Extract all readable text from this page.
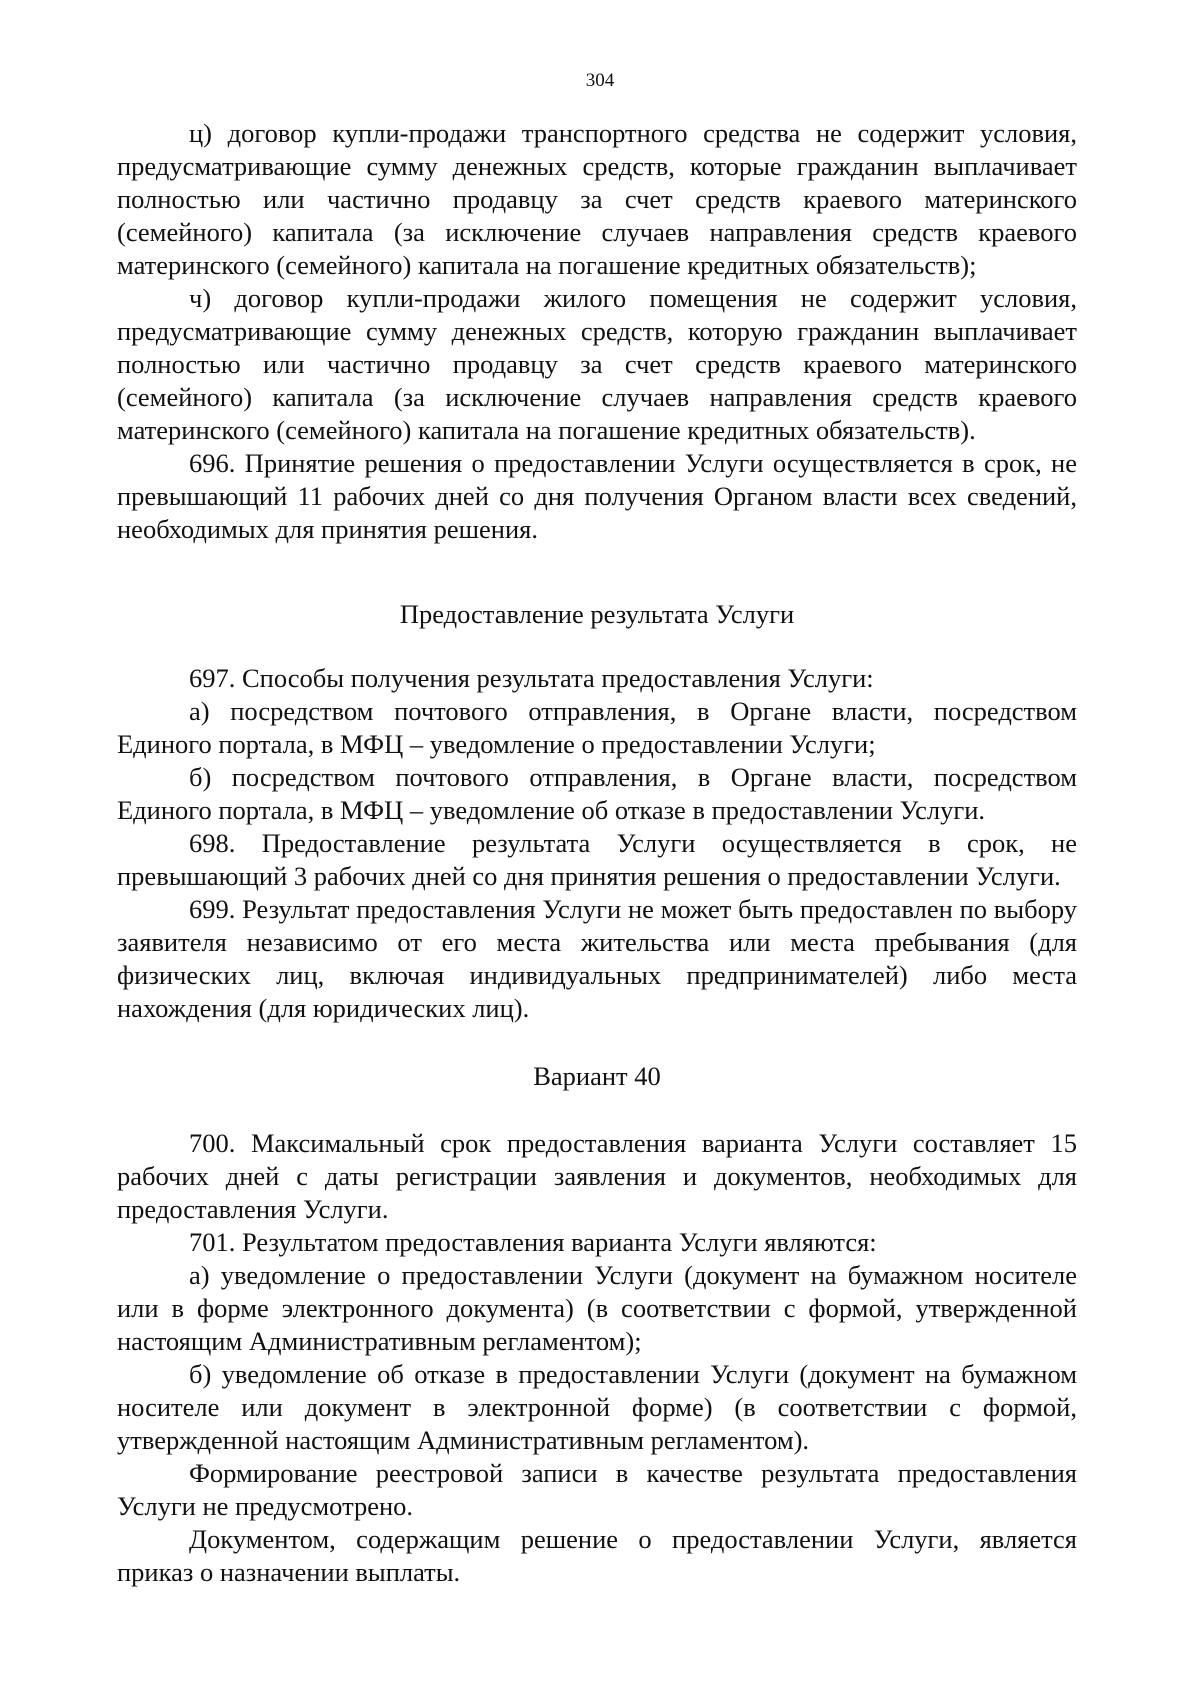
304

ц) договор купли-продажи транспортного средства не содержит условия, предусматривающие сумму денежных средств, которые гражданин выплачивает полностью или частично продавцу за счет средств краевого материнского (семейного) капитала (за исключение случаев направления средств краевого материнского (семейного) капитала на погашение кредитных обязательств);

ч) договор купли-продажи жилого помещения не содержит условия, предусматривающие сумму денежных средств, которую гражданин выплачивает полностью или частично продавцу за счет средств краевого материнского (семейного) капитала (за исключение случаев направления средств краевого материнского (семейного) капитала на погашение кредитных обязательств).

696. Принятие решения о предоставлении Услуги осуществляется в срок, не превышающий 11 рабочих дней со дня получения Органом власти всех сведений, необходимых для принятия решения.

Предоставление результата Услуги

697. Способы получения результата предоставления Услуги:

а) посредством почтового отправления, в Органе власти, посредством Единого портала, в МФЦ – уведомление о предоставлении Услуги;

б) посредством почтового отправления, в Органе власти, посредством Единого портала, в МФЦ – уведомление об отказе в предоставлении Услуги.

698. Предоставление результата Услуги осуществляется в срок, не превышающий 3 рабочих дней со дня принятия решения о предоставлении Услуги.

699. Результат предоставления Услуги не может быть предоставлен по выбору заявителя независимо от его места жительства или места пребывания (для физических лиц, включая индивидуальных предпринимателей) либо места нахождения (для юридических лиц).

Вариант 40

700. Максимальный срок предоставления варианта Услуги составляет 15 рабочих дней с даты регистрации заявления и документов, необходимых для предоставления Услуги.

701. Результатом предоставления варианта Услуги являются:

а) уведомление о предоставлении Услуги (документ на бумажном носителе или в форме электронного документа) (в соответствии с формой, утвержденной настоящим Административным регламентом);

б) уведомление об отказе в предоставлении Услуги (документ на бумажном носителе или документ в электронной форме) (в соответствии с формой, утвержденной настоящим Административным регламентом).

Формирование реестровой записи в качестве результата предоставления Услуги не предусмотрено.

Документом, содержащим решение о предоставлении Услуги, является приказ о назначении выплаты.
